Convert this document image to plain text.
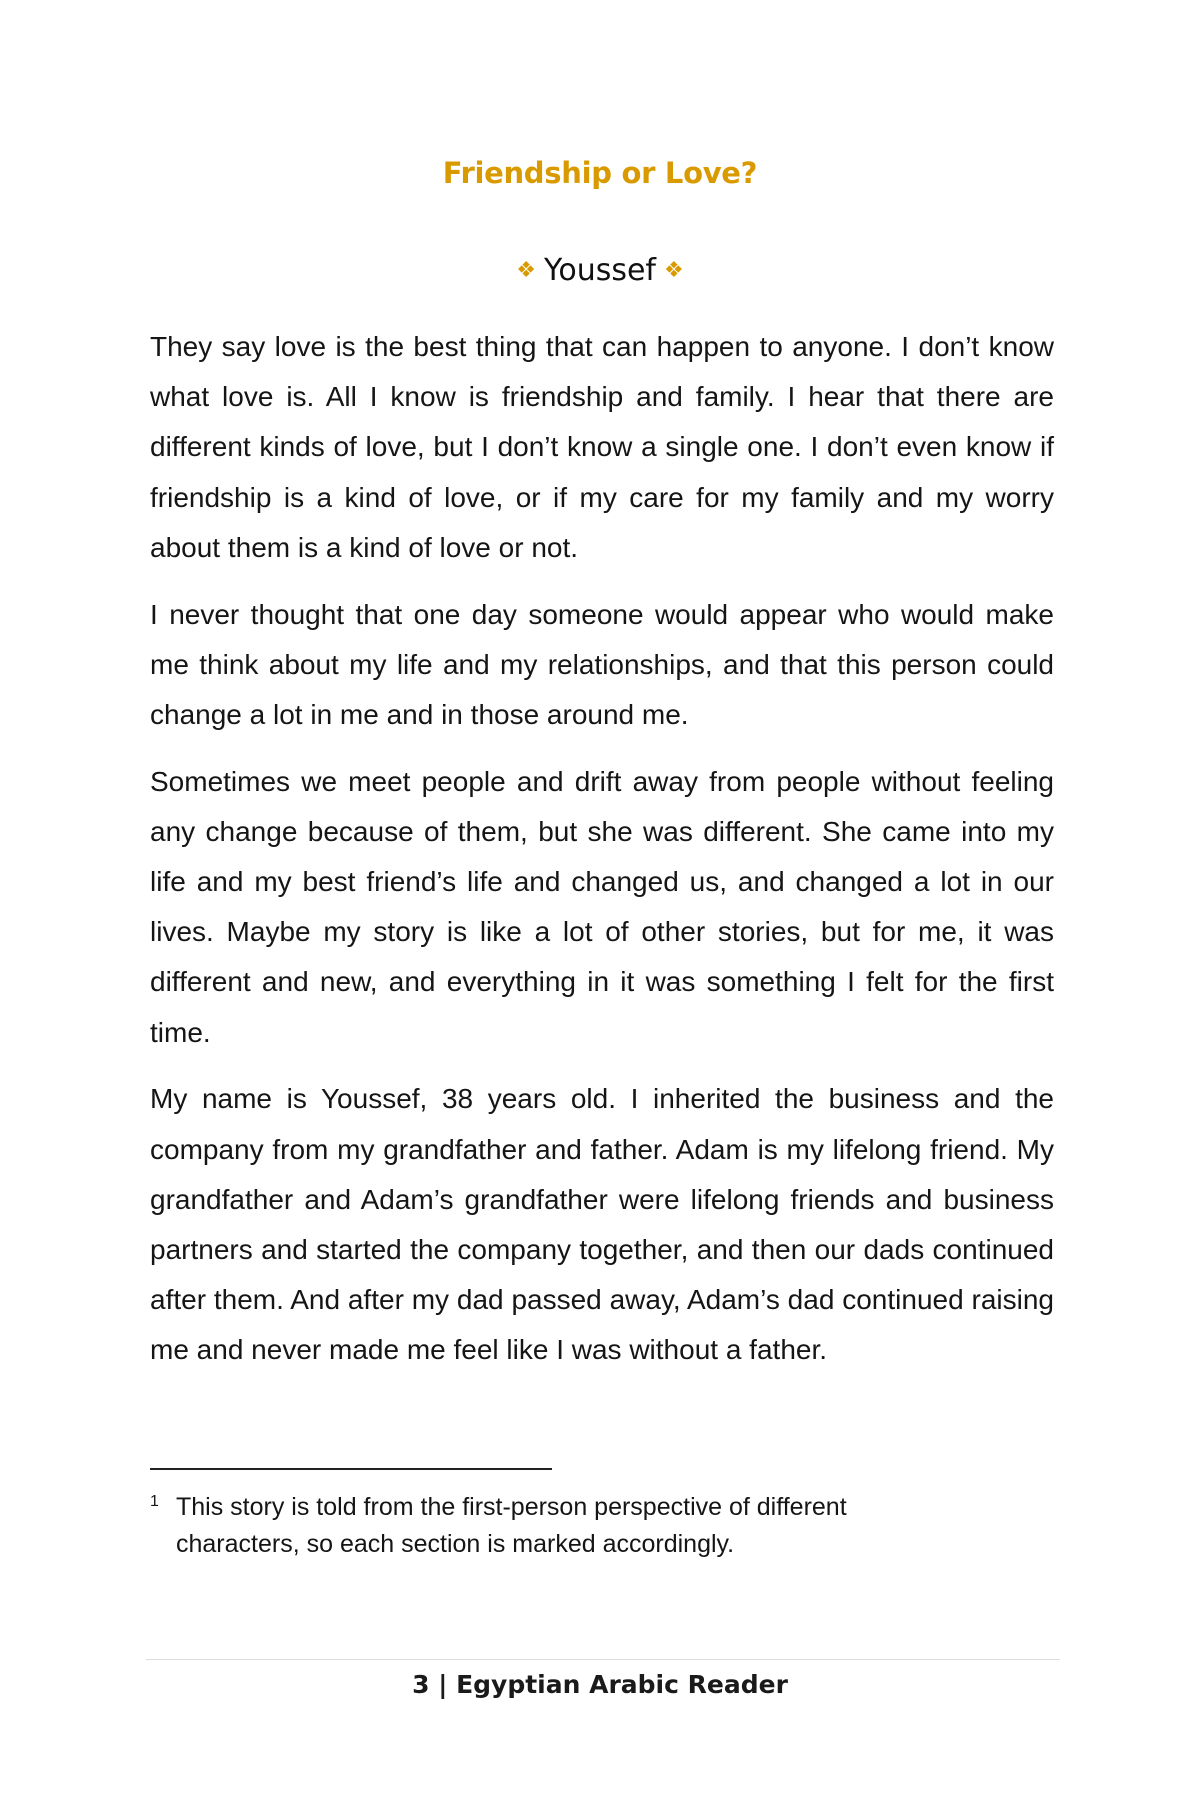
Friendship or Love?
❖ Youssef ❖

They say love is the best thing that can happen to anyone. I don’t know what love is. All I know is friendship and family. I hear that there are different kinds of love, but I don’t know a single one. I don’t even know if friendship is a kind of love, or if my care for my family and my worry about them is a kind of love or not.

I never thought that one day someone would appear who would make me think about my life and my relationships, and that this person could change a lot in me and in those around me.

Sometimes we meet people and drift away from people without feeling any change because of them, but she was different. She came into my life and my best friend’s life and changed us, and changed a lot in our lives. Maybe my story is like a lot of other stories, but for me, it was different and new, and everything in it was something I felt for the first time.

My name is Youssef, 38 years old. I inherited the business and the company from my grandfather and father. Adam is my lifelong friend. My grandfather and Adam’s grandfather were lifelong friends and business partners and started the company together, and then our dads continued after them. And after my dad passed away, Adam’s dad continued raising me and never made me feel like I was without a father.

1 This story is told from the first-person perspective of different characters, so each section is marked accordingly.
3 | Egyptian Arabic Reader
